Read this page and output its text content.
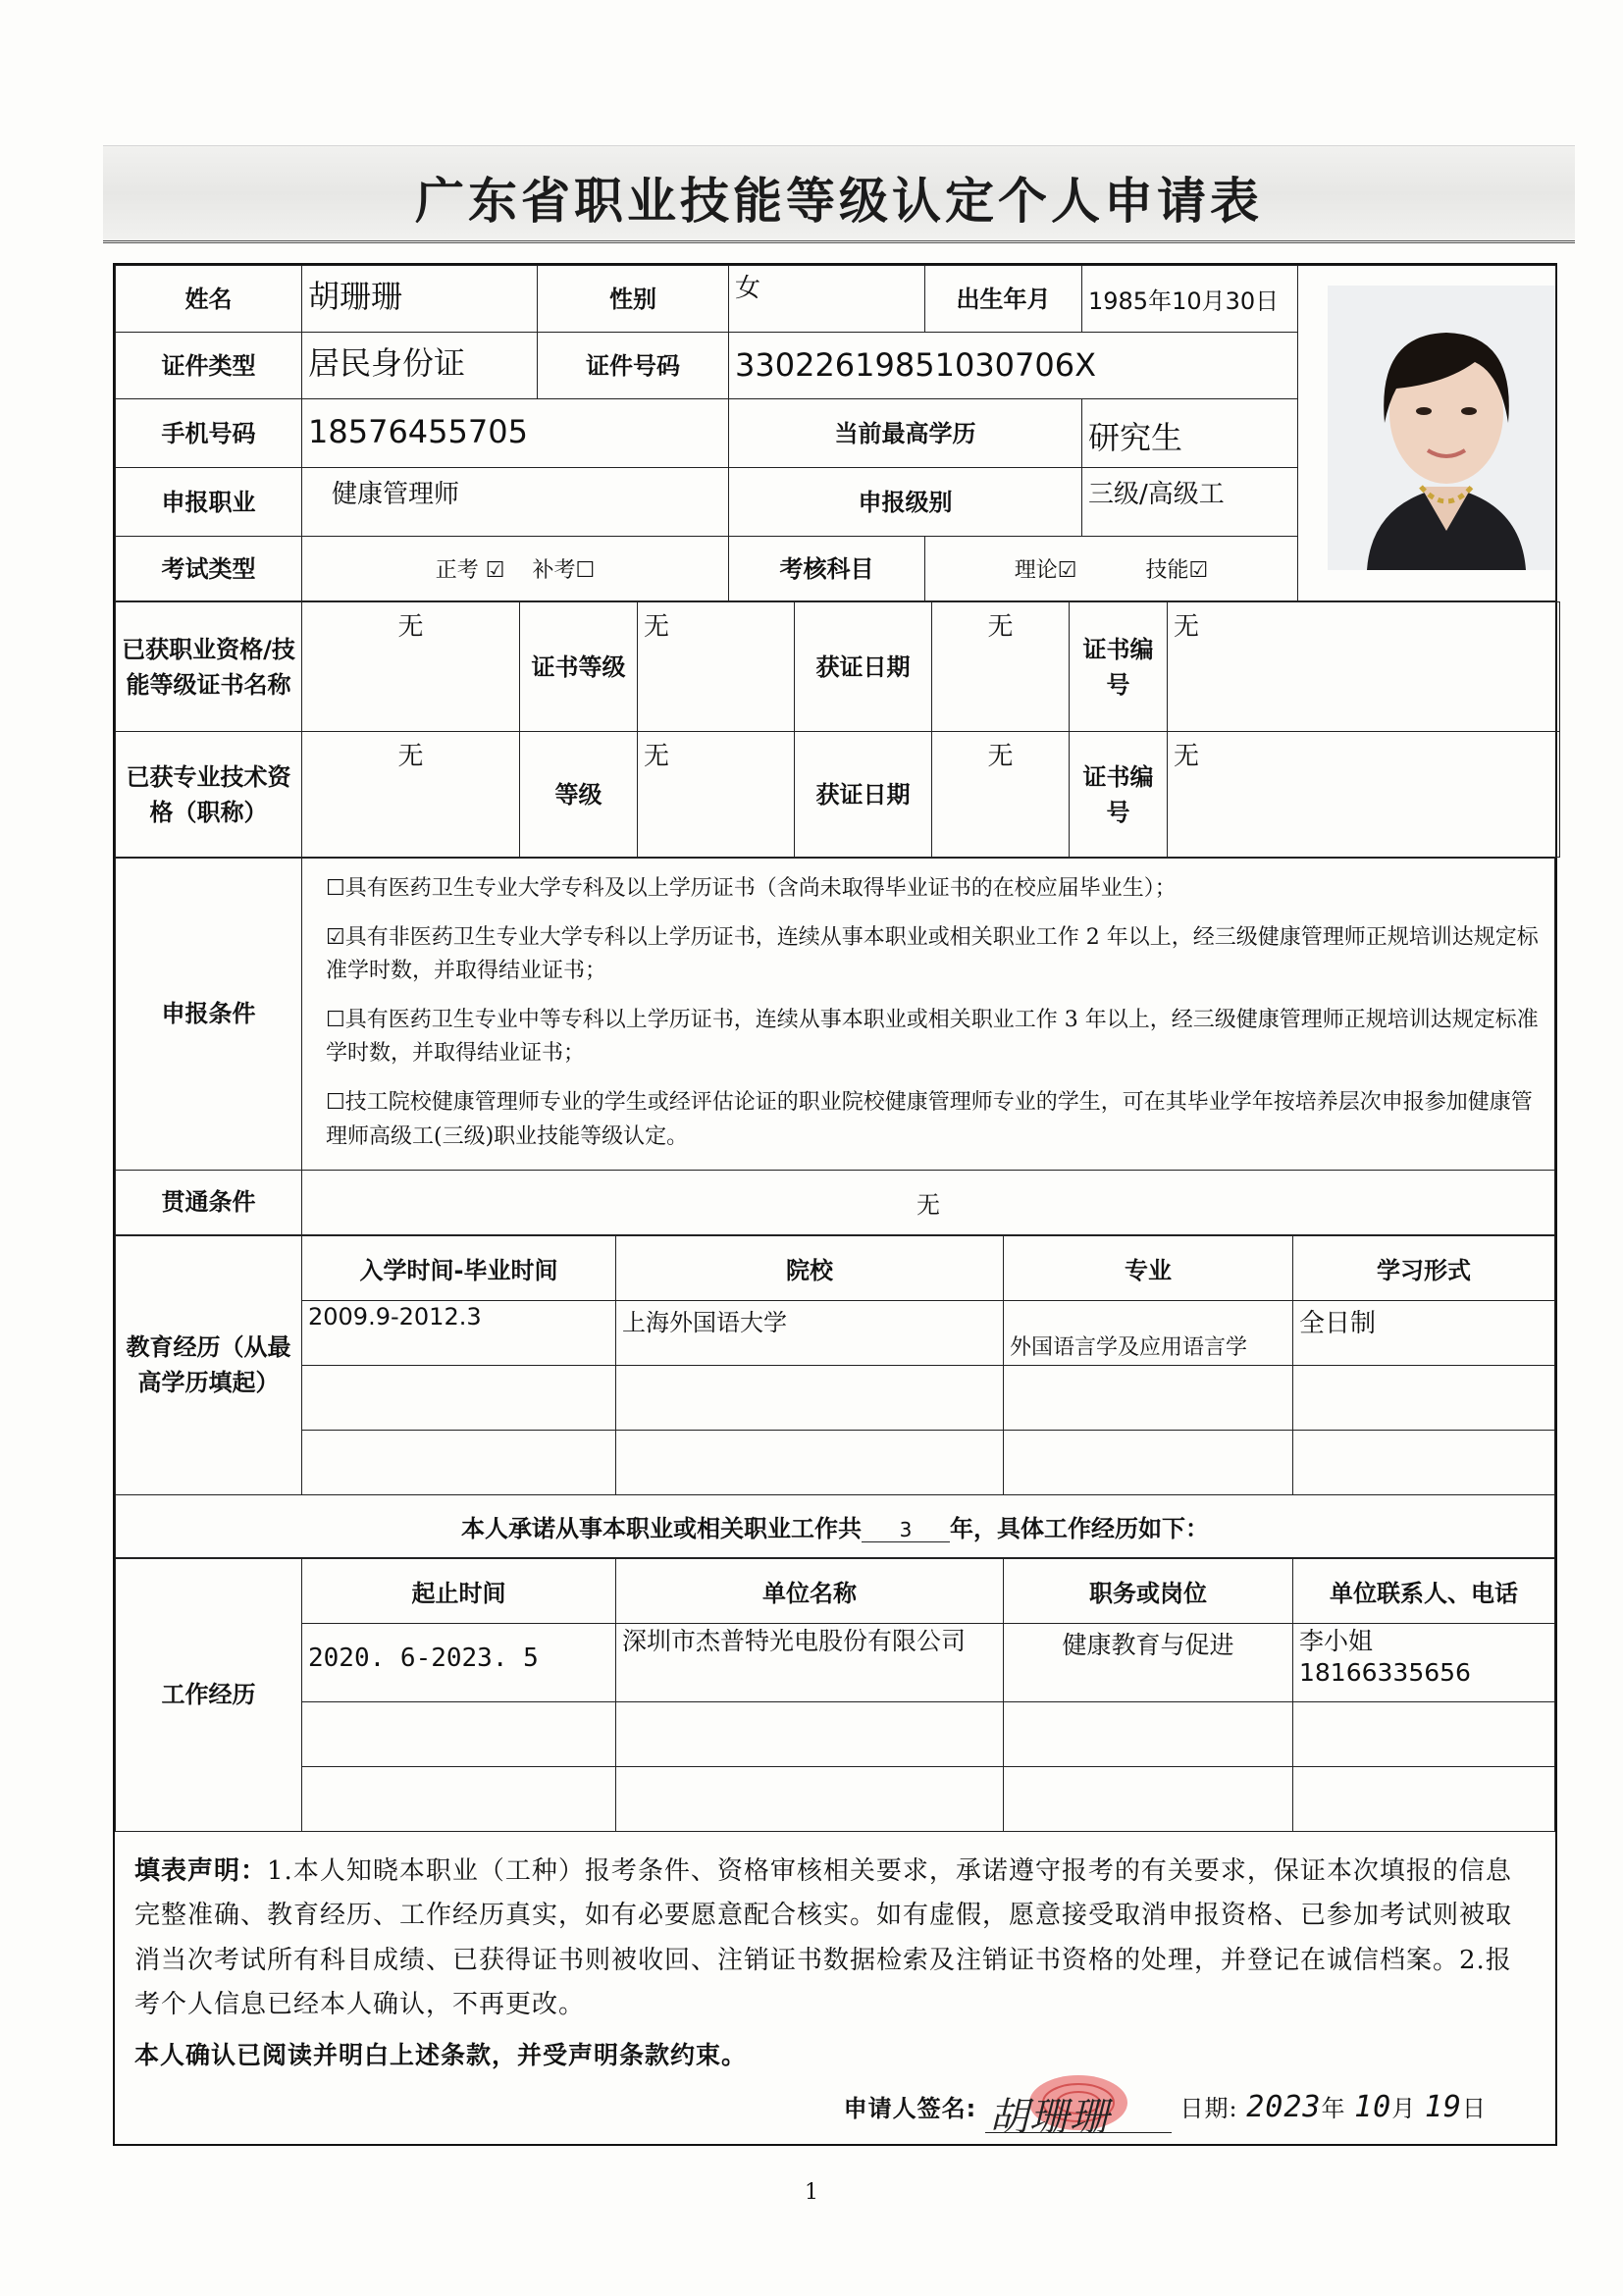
广东省职业技能等级认定个人申请表
姓名	胡珊珊	性别	女	出生年月	1985年10月30日	

证件类型	居民身份证	证件号码	33022619851030706X			
手机号码	18576455705		当前最高学历		研究生	
申报职业	健康管理师		申报级别		三级/高级工	
考试类型	正考 ☑ 补考☐		考核科目	理论☑ 技能☑		
已获职业资格/技能等级证书名称	无	证书等级	无	获证日期	无	证书编号	无
已获专业技术资格（职称）	无	等级	无	获证日期	无	证书编号	无
申报条件	☐具有医药卫生专业大学专科及以上学历证书（含尚未取得毕业证书的在校应届毕业生）；

☑具有非医药卫生专业大学专科以上学历证书，连续从事本职业或相关职业工作 2 年以上，经三级健康管理师正规培训达规定标准学时数，并取得结业证书；

☐具有医药卫生专业中等专科以上学历证书，连续从事本职业或相关职业工作 3 年以上，经三级健康管理师正规培训达规定标准学时数，并取得结业证书；

☐技工院校健康管理师专业的学生或经评估论证的职业院校健康管理师专业的学生，可在其毕业学年按培养层次申报参加健康管理师高级工(三级)职业技能等级认定。

贯通条件	无
教育经历（从最高学历填起）	入学时间-毕业时间	院校	专业	学习形式
	2009.9-2012.3	上海外国语大学	外国语言学及应用语言学	全日制

本人承诺从事本职业或相关职业工作共 3 年，具体工作经历如下：				
工作经历	起止时间	单位名称	职务或岗位	单位联系人、电话
	2020. 6-2023. 5	深圳市杰普特光电股份有限公司	健康教育与促进	李小姐 18166335656

填表声明：1.本人知晓本职业（工种）报考条件、资格审核相关要求，承诺遵守报考的有关要求，保证本次填报的信息完整准确、教育经历、工作经历真实，如有必要愿意配合核实。如有虚假，愿意接受取消申报资格、已参加考试则被取消当次考试所有科目成绩、已获得证书则被收回、注销证书数据检索及注销证书资格的处理，并登记在诚信档案。2.报考个人信息已经本人确认，不再更改。
本人确认已阅读并明白上述条款，并受声明条款约束。
申请人签名: 胡珊珊	日期: 2023年 10月 19日
1
